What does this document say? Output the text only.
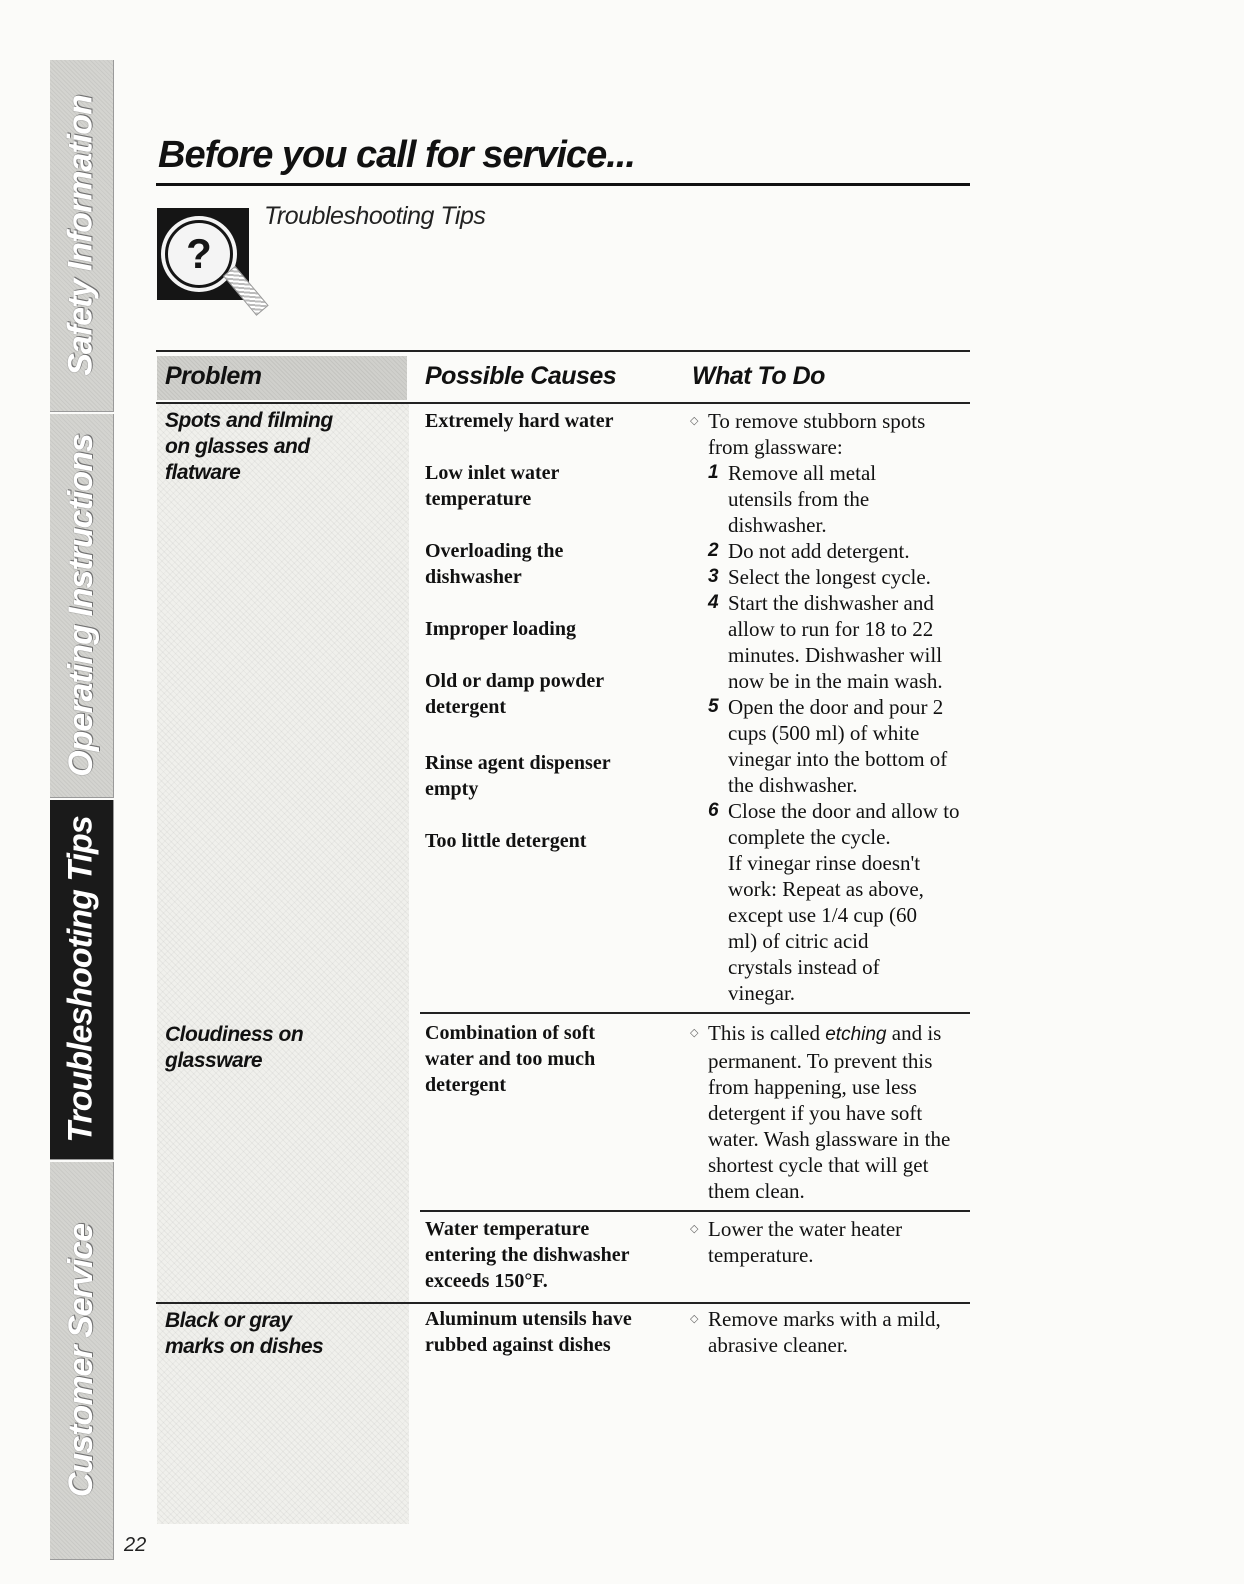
Safety Information
Operating Instructions
Troubleshooting Tips
Customer Service
22
Before you call for service...
?
Troubleshooting Tips
Problem	Possible Causes	What To Do
Spots and filming on glasses and flatware
Extremely hard water
Low inlet water temperature
Overloading the dishwasher
Improper loading
Old or damp powder detergent
Rinse agent dispenser empty
Too little detergent
◇ To remove stubborn spots from glassware:
1 Remove all metal utensils from the dishwasher.
2 Do not add detergent.
3 Select the longest cycle.
4 Start the dishwasher and allow to run for 18 to 22 minutes. Dishwasher will now be in the main wash.
5 Open the door and pour 2 cups (500 ml) of white vinegar into the bottom of the dishwasher.
6 Close the door and allow to complete the cycle.
If vinegar rinse doesn't work: Repeat as above, except use 1/4 cup (60 ml) of citric acid crystals instead of vinegar.
Cloudiness on glassware
Combination of soft water and too much detergent
◇ This is called etching and is permanent. To prevent this from happening, use less detergent if you have soft water. Wash glassware in the shortest cycle that will get them clean.
Water temperature entering the dishwasher exceeds 150°F.
◇ Lower the water heater temperature.
Black or gray marks on dishes
Aluminum utensils have rubbed against dishes
◇ Remove marks with a mild, abrasive cleaner.
